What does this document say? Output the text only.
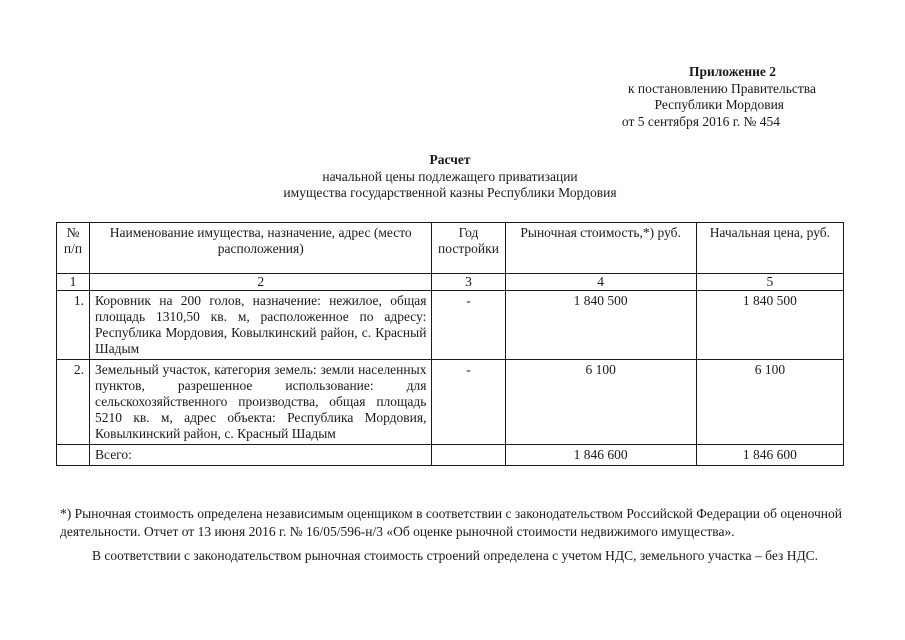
Приложение 2
к постановлению Правительства
Республики Мордовия
от 5 сентября 2016 г. № 454
Расчет
начальной цены подлежащего приватизации
имущества государственной казны Республики Мордовия
№ п/п	Наименование имущества, назначение, адрес (место расположения)	Год постройки	Рыночная стоимость,*) руб.	Начальная цена, руб.
1	2	3	4	5
1.	Коровник на 200 голов, назначение: нежилое, общая площадь 1310,50 кв. м, расположенное по адресу: Республика Мордовия, Ковылкинский район, с. Красный Шадым	-	1 840 500	1 840 500
2.	Земельный участок, категория земель: земли населенных пунктов, разрешенное использование: для сельскохозяйственного производства, общая площадь 5210 кв. м, адрес объекта: Республика Мордовия, Ковылкинский район, с. Красный Шадым	-	6 100	6 100
	Всего:		1 846 600	1 846 600
*) Рыночная стоимость определена независимым оценщиком в соответствии с законодательством Российской Федерации об оценочной деятельности. Отчет от 13 июня 2016 г. № 16/05/596-н/3 «Об оценке рыночной стоимости недвижимого имущества».
В соответствии с законодательством рыночная стоимость строений определена с учетом НДС, земельного участка – без НДС.
